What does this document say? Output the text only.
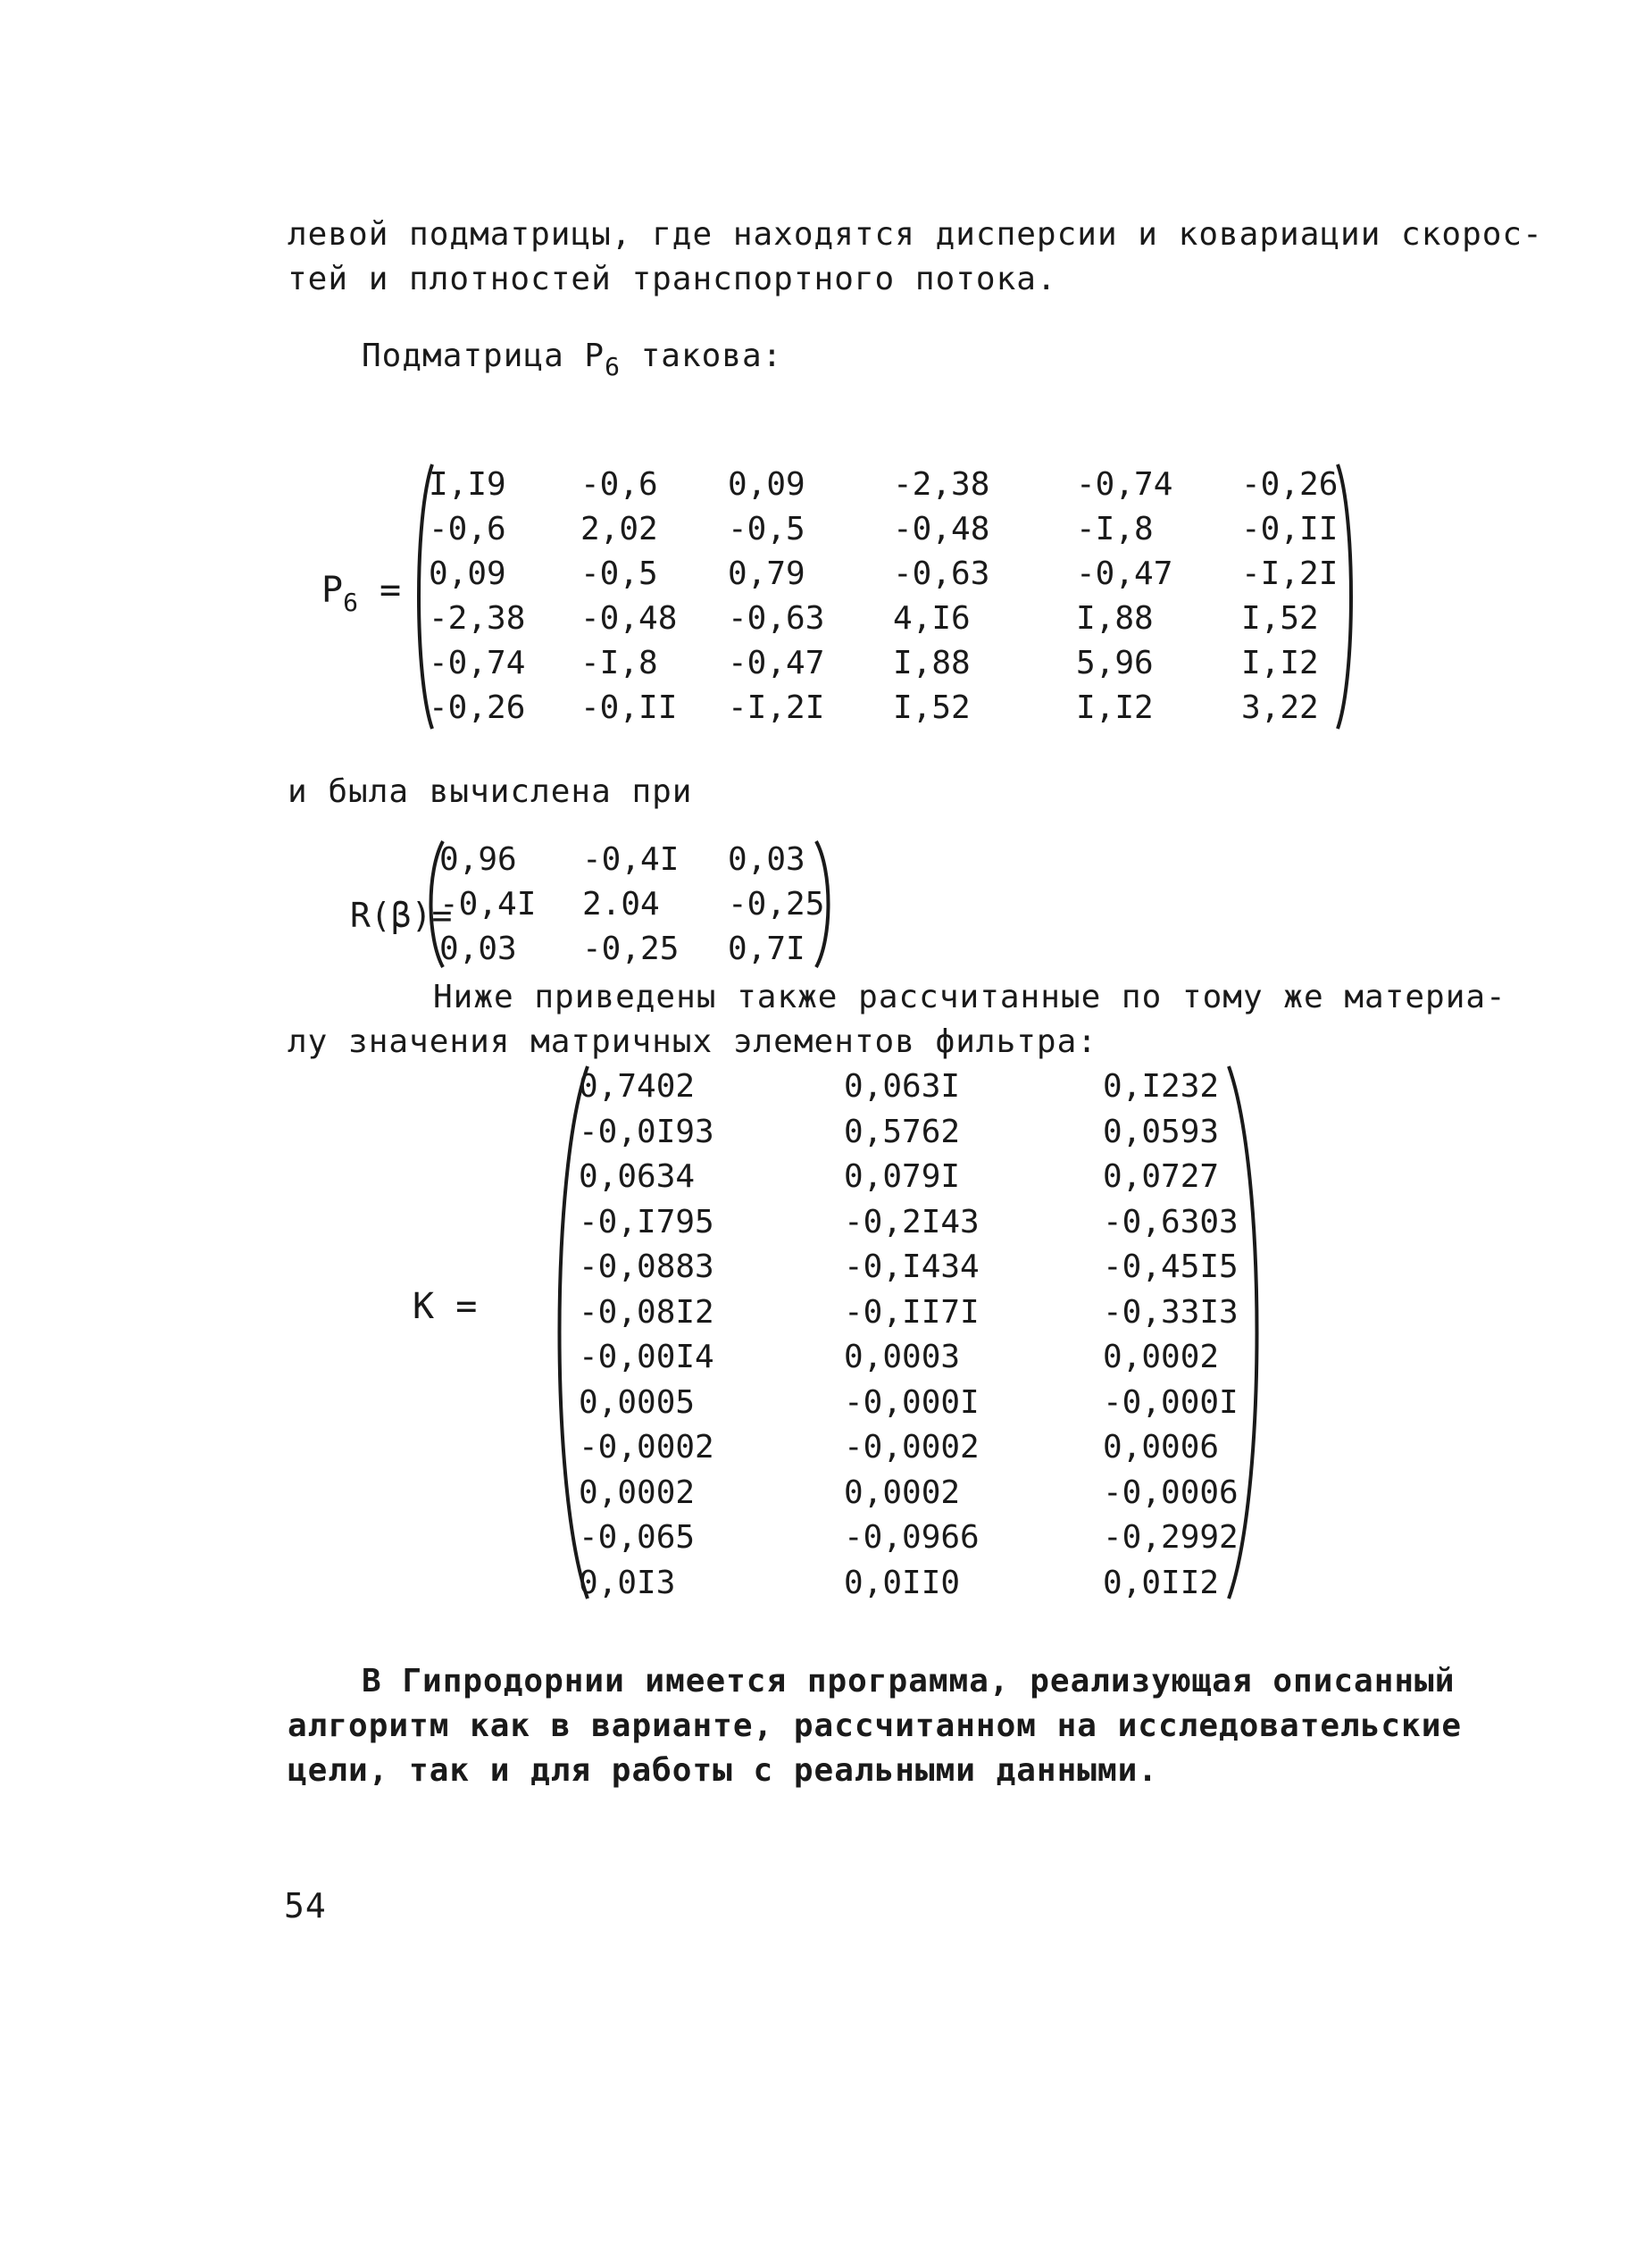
левой подматрицы, где находятся дисперсии и ковариации скорос-
тей и плотностей транспортного потока.
Подматрица $P_6$ такова:
$P_6$ =
I,I9 -0,6 0,09	-2,38	-0,74 -0,26
-0,6 2,02 -0,5	-0,48	-I,8	-0,II
0,09 -0,5 0,79	-0,63	-0,47 -I,2I
-2,38 -0,48 -0,63 4,I6	I,88	I,52
-0,74 -I,8 -0,47 I,88	5,96	I,I2
-0,26 -0,II -I,2I I,52	I,I2	3,22
и была вычислена при
R(β)=
0,96 -0,4I 0,03
-0,4I 2.04 -0,25
0,03 -0,25 0,7I
Ниже приведены также рассчитанные по тому же материа-
лу значения матричных элементов фильтра:
K =
0,7402	0,063I	0,I232
-0,0I93	0,5762	0,0593
0,0634	0,079I	0,0727
-0,I795	-0,2I43	-0,6303
-0,0883	-0,I434	-0,45I5
-0,08I2	-0,II7I	-0,33I3
-0,00I4	0,0003	0,0002
0,0005	-0,000I	-0,000I
-0,0002	-0,0002	0,0006
0,0002	0,0002	-0,0006
-0,065	-0,0966	-0,2992
0,0I3	0,0II0	0,0II2
В Гипродорнии имеется программа, реализующая описанный
алгоритм как в варианте, рассчитанном на исследовательские
цели, так и для работы с реальными данными.
54
